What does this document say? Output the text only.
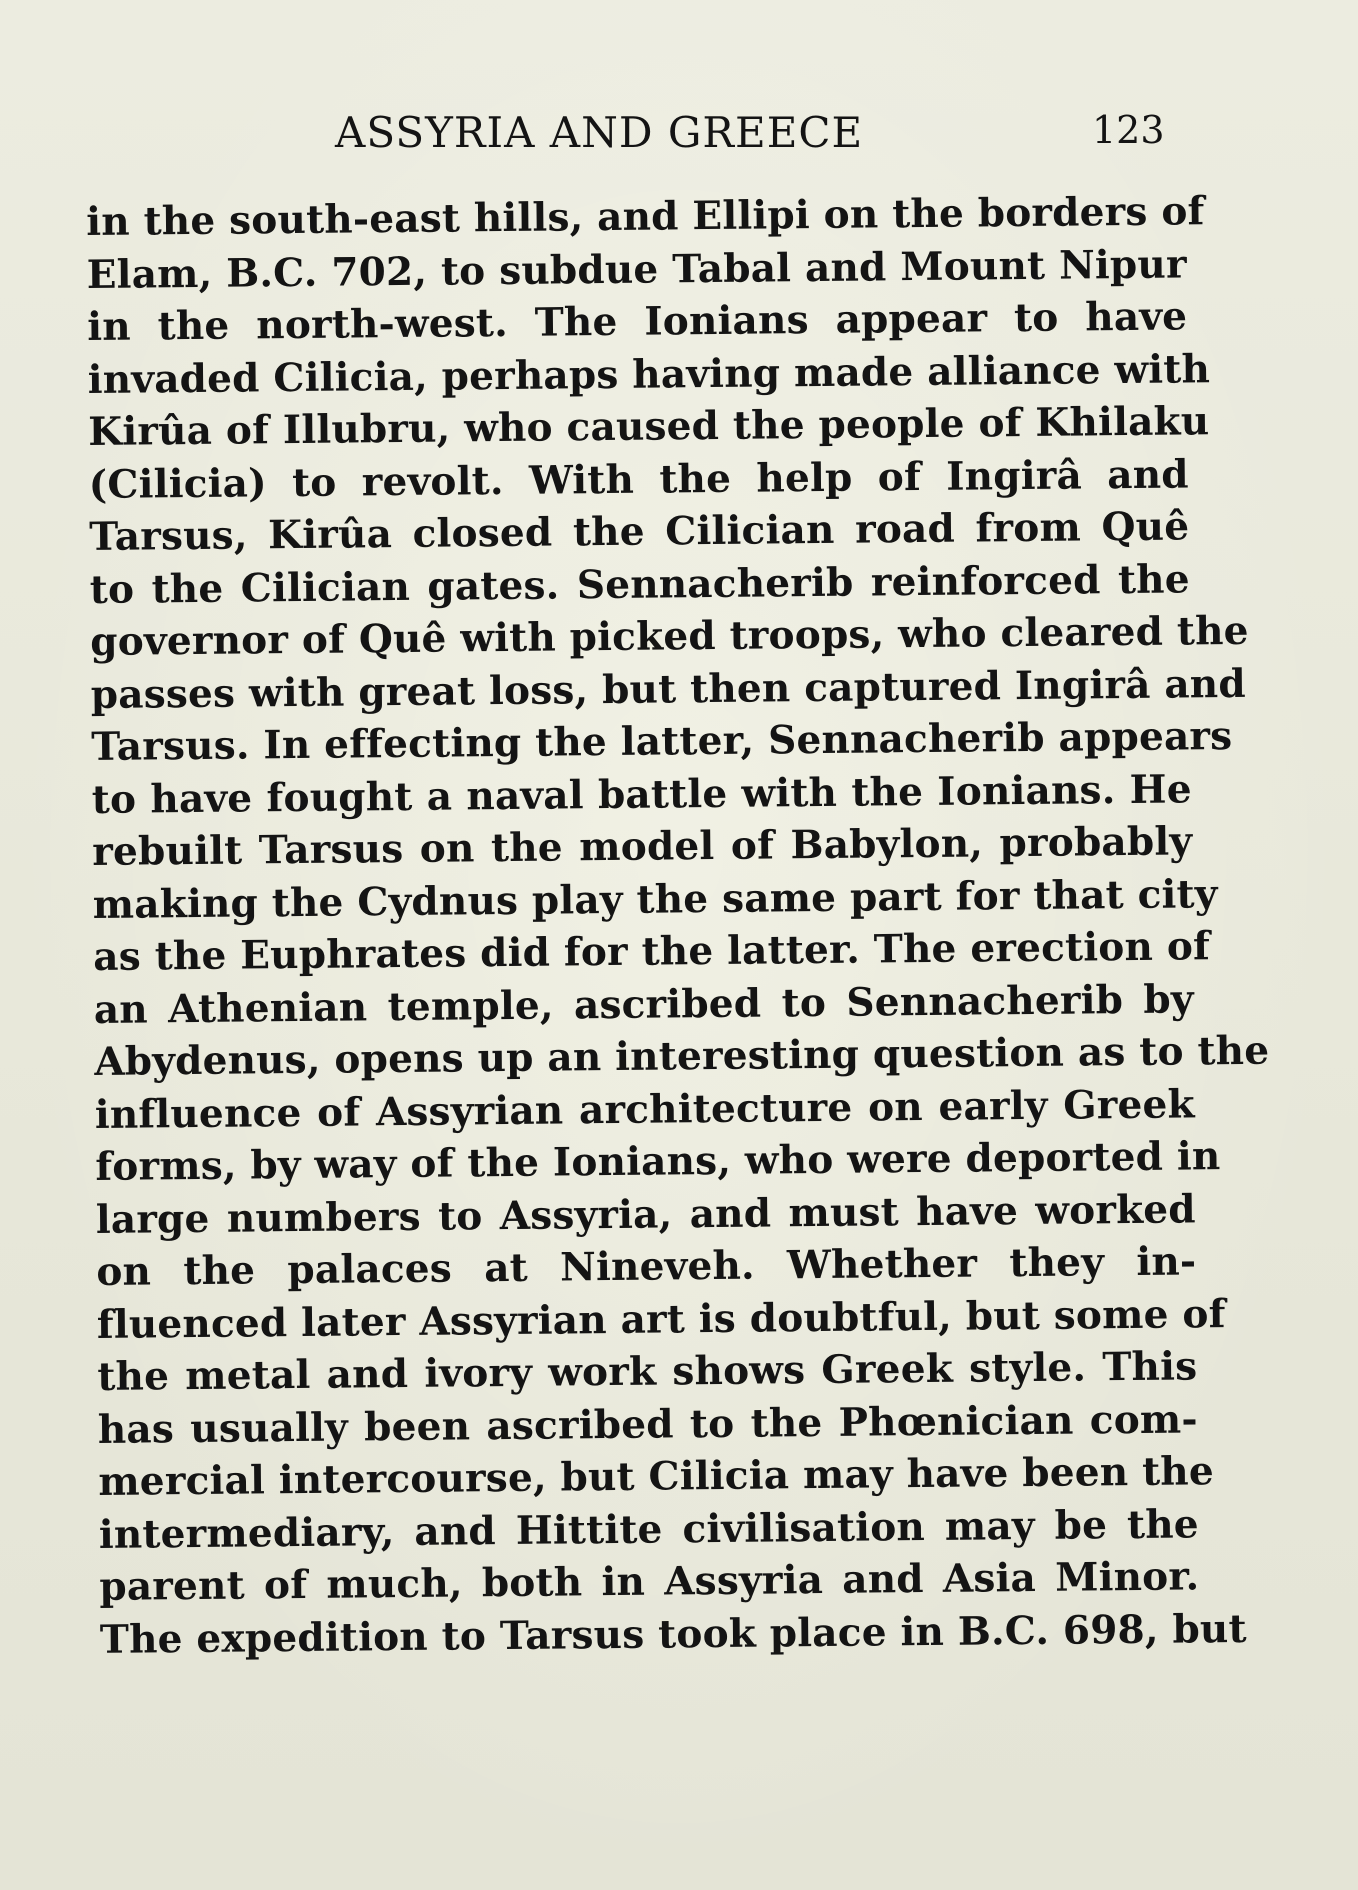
ASSYRIA AND GREECE	123
in the south-east hills, and Ellipi on the borders of
Elam, B.C. 702, to subdue Tabal and Mount Nipur
in the north-west. The Ionians appear to have
invaded Cilicia, perhaps having made alliance with
Kirûa of Illubru, who caused the people of Khilaku
(Cilicia) to revolt. With the help of Ingirâ and
Tarsus, Kirûa closed the Cilician road from Quê
to the Cilician gates. Sennacherib reinforced the
governor of Quê with picked troops, who cleared the
passes with great loss, but then captured Ingirâ and
Tarsus. In effecting the latter, Sennacherib appears
to have fought a naval battle with the Ionians. He
rebuilt Tarsus on the model of Babylon, probably
making the Cydnus play the same part for that city
as the Euphrates did for the latter. The erection of
an Athenian temple, ascribed to Sennacherib by
Abydenus, opens up an interesting question as to the
influence of Assyrian architecture on early Greek
forms, by way of the Ionians, who were deported in
large numbers to Assyria, and must have worked
on the palaces at Nineveh. Whether they in-
fluenced later Assyrian art is doubtful, but some of
the metal and ivory work shows Greek style. This
has usually been ascribed to the Phœnician com-
mercial intercourse, but Cilicia may have been the
intermediary, and Hittite civilisation may be the
parent of much, both in Assyria and Asia Minor.
The expedition to Tarsus took place in B.C. 698, but
